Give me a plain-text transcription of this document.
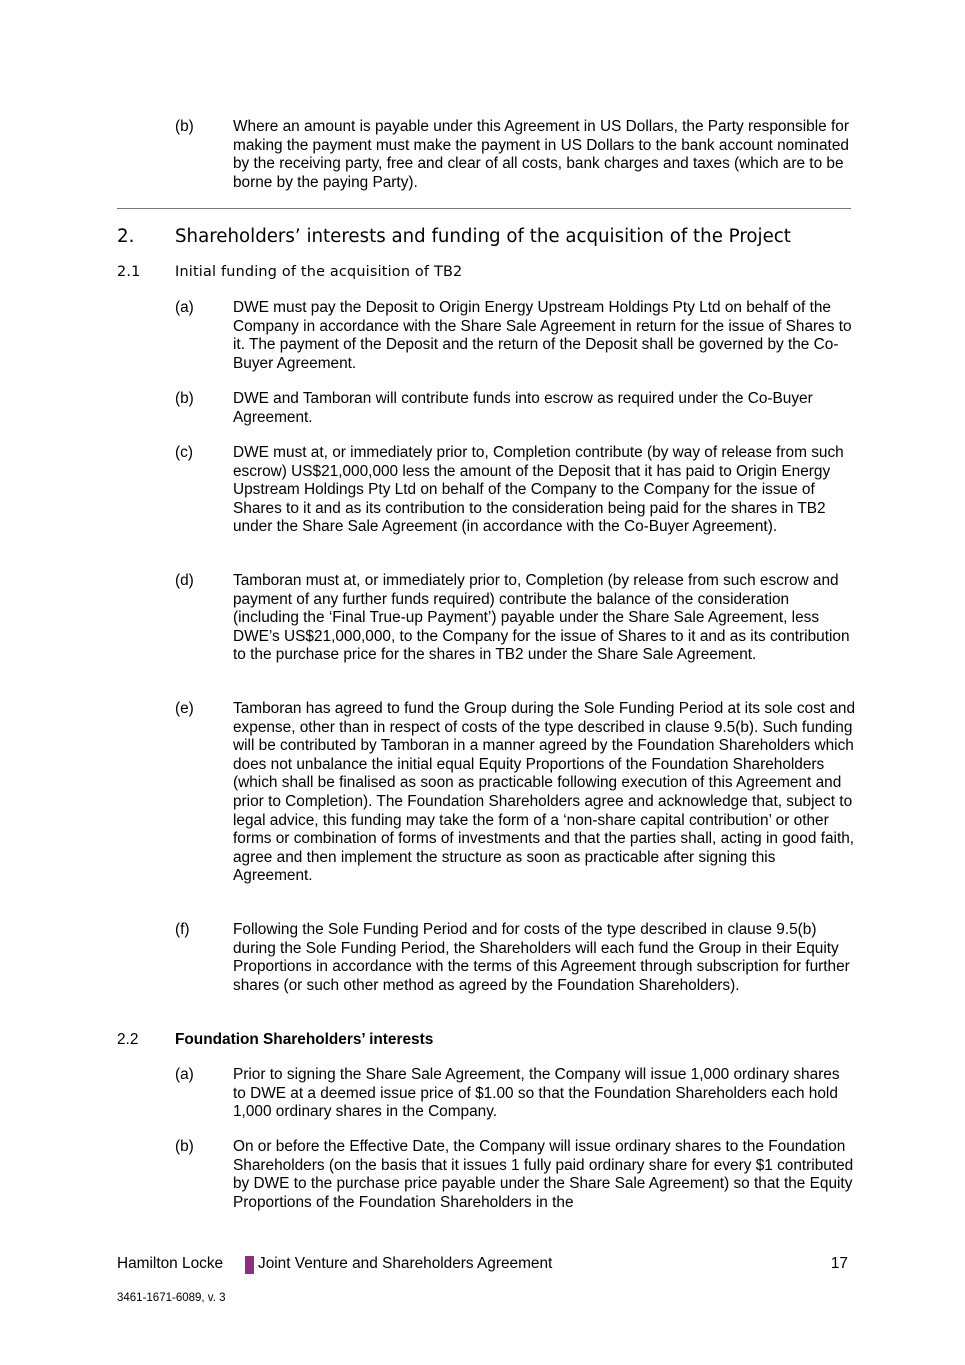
(b)	Where an amount is payable under this Agreement in US Dollars, the Party responsible for making the payment must make the payment in US Dollars to the bank account nominated by the receiving party, free and clear of all costs, bank charges and taxes (which are to be borne by the paying Party).
2. Shareholders’ interests and funding of the acquisition of the Project
2.1 Initial funding of the acquisition of TB2
(a)	DWE must pay the Deposit to Origin Energy Upstream Holdings Pty Ltd on behalf of the Company in accordance with the Share Sale Agreement in return for the issue of Shares to it. The payment of the Deposit and the return of the Deposit shall be governed by the Co-Buyer Agreement.
(b)	DWE and Tamboran will contribute funds into escrow as required under the Co-Buyer Agreement.
(c)	DWE must at, or immediately prior to, Completion contribute (by way of release from such escrow) US$21,000,000 less the amount of the Deposit that it has paid to Origin Energy Upstream Holdings Pty Ltd on behalf of the Company to the Company for the issue of Shares to it and as its contribution to the consideration being paid for the shares in TB2 under the Share Sale Agreement (in accordance with the Co-Buyer Agreement).
(d)	Tamboran must at, or immediately prior to, Completion (by release from such escrow and payment of any further funds required) contribute the balance of the consideration (including the ‘Final True-up Payment’) payable under the Share Sale Agreement, less DWE’s US$21,000,000, to the Company for the issue of Shares to it and as its contribution to the purchase price for the shares in TB2 under the Share Sale Agreement.
(e)	Tamboran has agreed to fund the Group during the Sole Funding Period at its sole cost and expense, other than in respect of costs of the type described in clause 9.5(b). Such funding will be contributed by Tamboran in a manner agreed by the Foundation Shareholders which does not unbalance the initial equal Equity Proportions of the Foundation Shareholders (which shall be finalised as soon as practicable following execution of this Agreement and prior to Completion). The Foundation Shareholders agree and acknowledge that, subject to legal advice, this funding may take the form of a ‘non-share capital contribution’ or other forms or combination of forms of investments and that the parties shall, acting in good faith, agree and then implement the structure as soon as practicable after signing this Agreement.
(f)	Following the Sole Funding Period and for costs of the type described in clause 9.5(b) during the Sole Funding Period, the Shareholders will each fund the Group in their Equity Proportions in accordance with the terms of this Agreement through subscription for further shares (or such other method as agreed by the Foundation Shareholders).
2.2 Foundation Shareholders’ interests
(a)	Prior to signing the Share Sale Agreement, the Company will issue 1,000 ordinary shares to DWE at a deemed issue price of $1.00 so that the Foundation Shareholders each hold 1,000 ordinary shares in the Company.
(b)	On or before the Effective Date, the Company will issue ordinary shares to the Foundation Shareholders (on the basis that it issues 1 fully paid ordinary share for every $1 contributed by DWE to the purchase price payable under the Share Sale Agreement) so that the Equity Proportions of the Foundation Shareholders in the
Hamilton Locke Joint Venture and Shareholders Agreement	17
3461-1671-6089, v. 3
